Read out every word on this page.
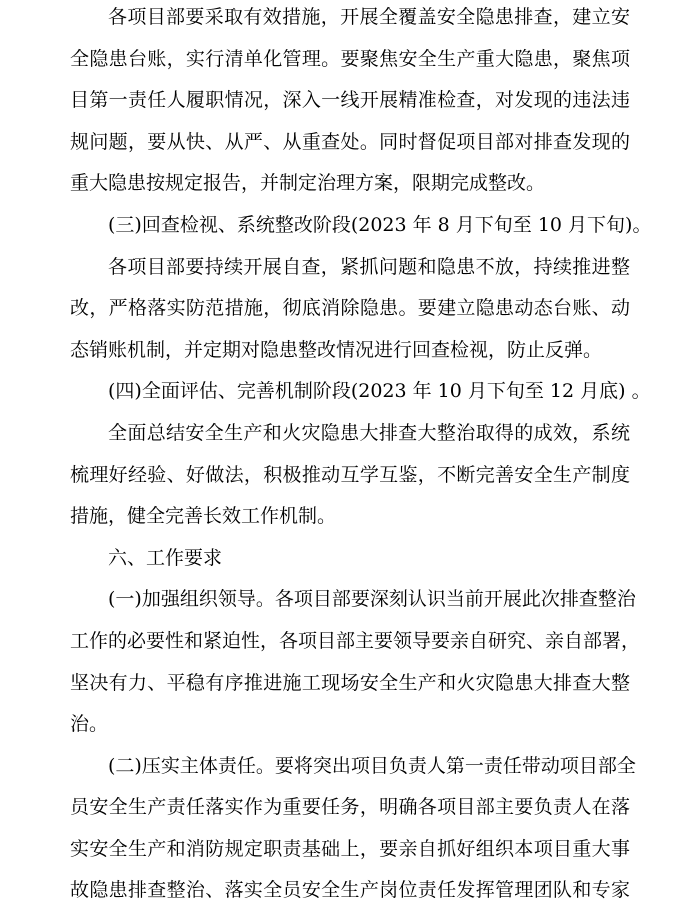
各项目部要采取有效措施，开展全覆盖安全隐患排查，建立安
全隐患台账，实行清单化管理。要聚焦安全生产重大隐患，聚焦项
目第一责任人履职情况，深入一线开展精准检查，对发现的违法违
规问题，要从快、从严、从重查处。同时督促项目部对排查发现的
重大隐患按规定报告，并制定治理方案，限期完成整改。
(三)回查检视、系统整改阶段(2023 年 8 月下旬至 10 月下旬)。
各项目部要持续开展自查，紧抓问题和隐患不放，持续推进整
改，严格落实防范措施，彻底消除隐患。要建立隐患动态台账、动
态销账机制，并定期对隐患整改情况进行回查检视，防止反弹。
(四)全面评估、完善机制阶段(2023 年 10 月下旬至 12 月底) 。
全面总结安全生产和火灾隐患大排查大整治取得的成效，系统
梳理好经验、好做法，积极推动互学互鉴，不断完善安全生产制度
措施，健全完善长效工作机制。
六、工作要求
(一)加强组织领导。各项目部要深刻认识当前开展此次排查整治
工作的必要性和紧迫性，各项目部主要领导要亲自研究、亲自部署，
坚决有力、平稳有序推进施工现场安全生产和火灾隐患大排查大整
治。
(二)压实主体责任。要将突出项目负责人第一责任带动项目部全
员安全生产责任落实作为重要任务，明确各项目部主要负责人在落
实安全生产和消防规定职责基础上，要亲自抓好组织本项目重大事
故隐患排查整治、落实全员安全生产岗位责任发挥管理团队和专家
